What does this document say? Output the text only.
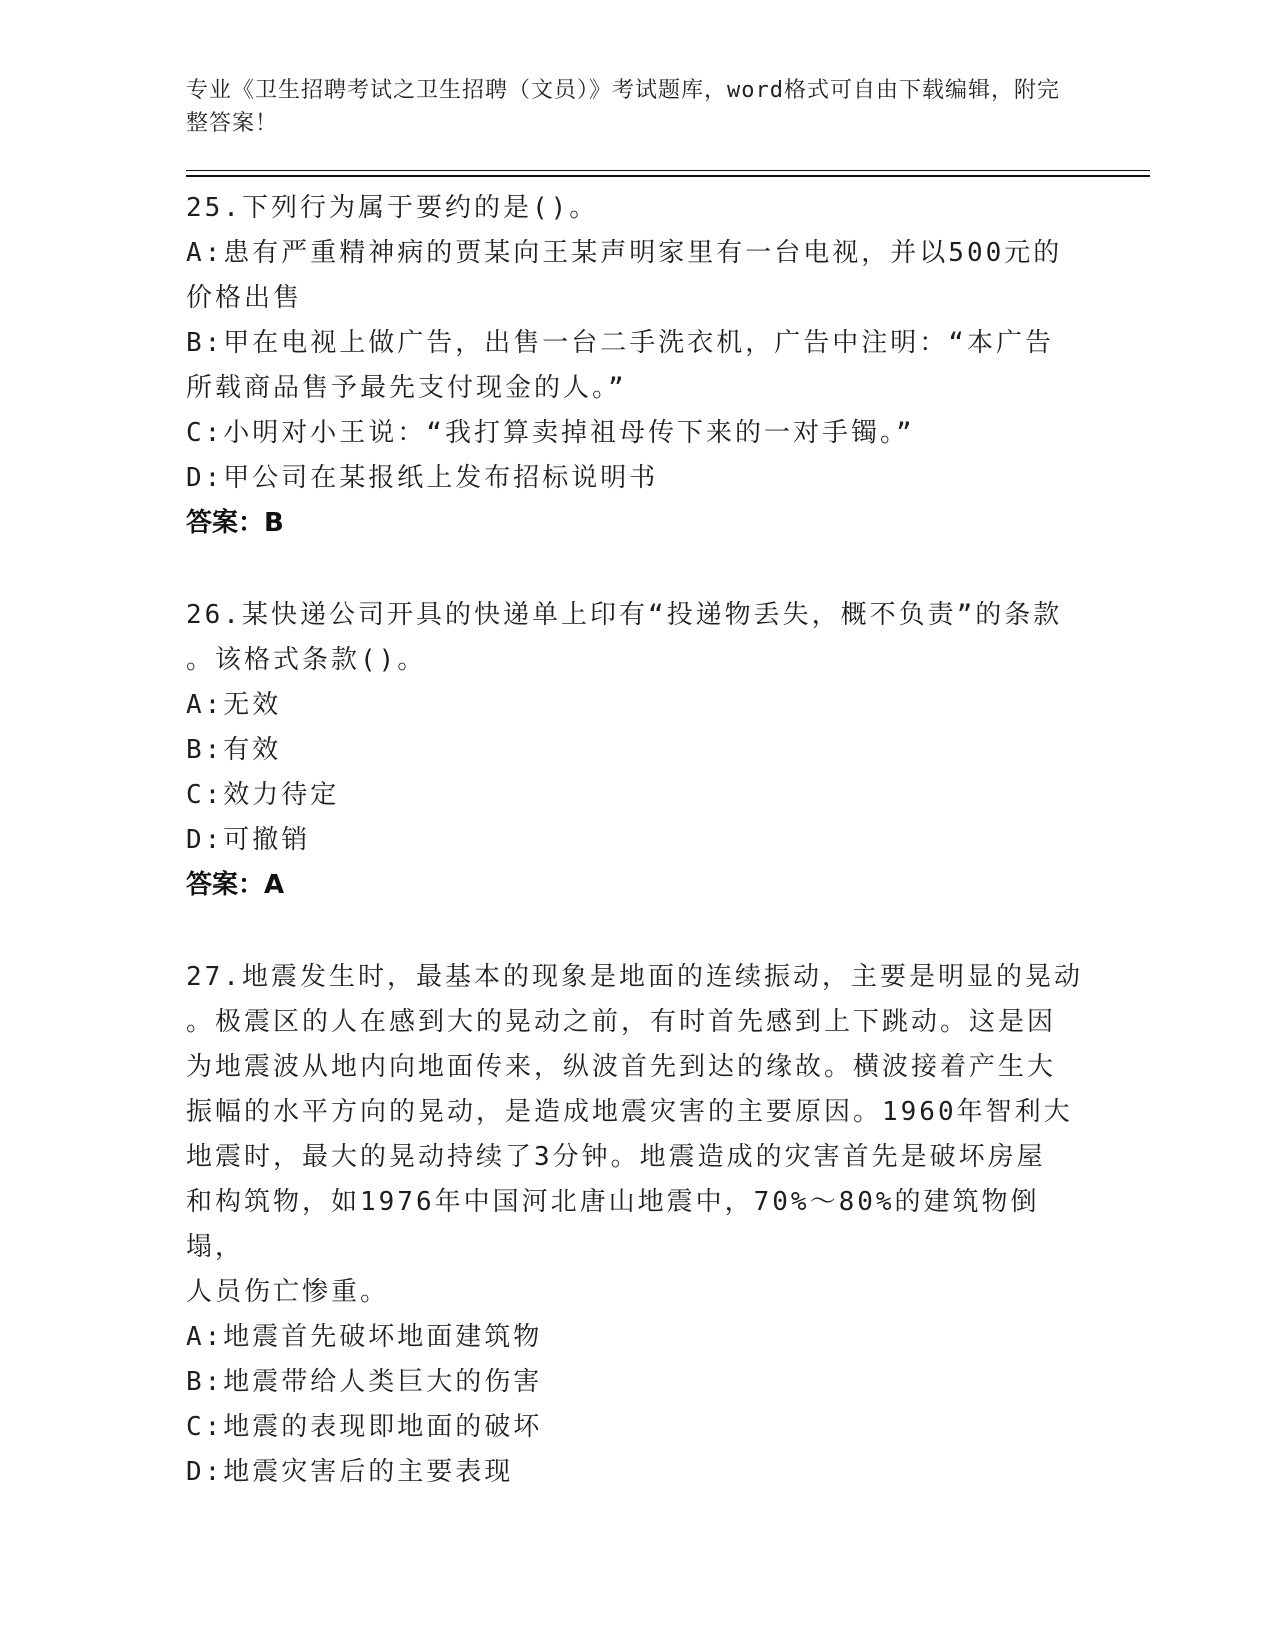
专业《卫生招聘考试之卫生招聘（文员）》考试题库，word格式可自由下载编辑，附完整答案！

25.下列行为属于要约的是()。

A:患有严重精神病的贾某向王某声明家里有一台电视，并以500元的

价格出售

B:甲在电视上做广告，出售一台二手洗衣机，广告中注明：“本广告

所载商品售予最先支付现金的人。”

C:小明对小王说：“我打算卖掉祖母传下来的一对手镯。”

D:甲公司在某报纸上发布招标说明书

答案：B

26.某快递公司开具的快递单上印有“投递物丢失，概不负责”的条款

。该格式条款()。

A:无效

B:有效

C:效力待定

D:可撤销

答案：A

27.地震发生时，最基本的现象是地面的连续振动，主要是明显的晃动

。极震区的人在感到大的晃动之前，有时首先感到上下跳动。这是因

为地震波从地内向地面传来，纵波首先到达的缘故。横波接着产生大

振幅的水平方向的晃动，是造成地震灾害的主要原因。1960年智利大

地震时，最大的晃动持续了3分钟。地震造成的灾害首先是破坏房屋

和构筑物，如1976年中国河北唐山地震中，70%～80%的建筑物倒塌，

人员伤亡惨重。

A:地震首先破坏地面建筑物

B:地震带给人类巨大的伤害

C:地震的表现即地面的破坏

D:地震灾害后的主要表现
